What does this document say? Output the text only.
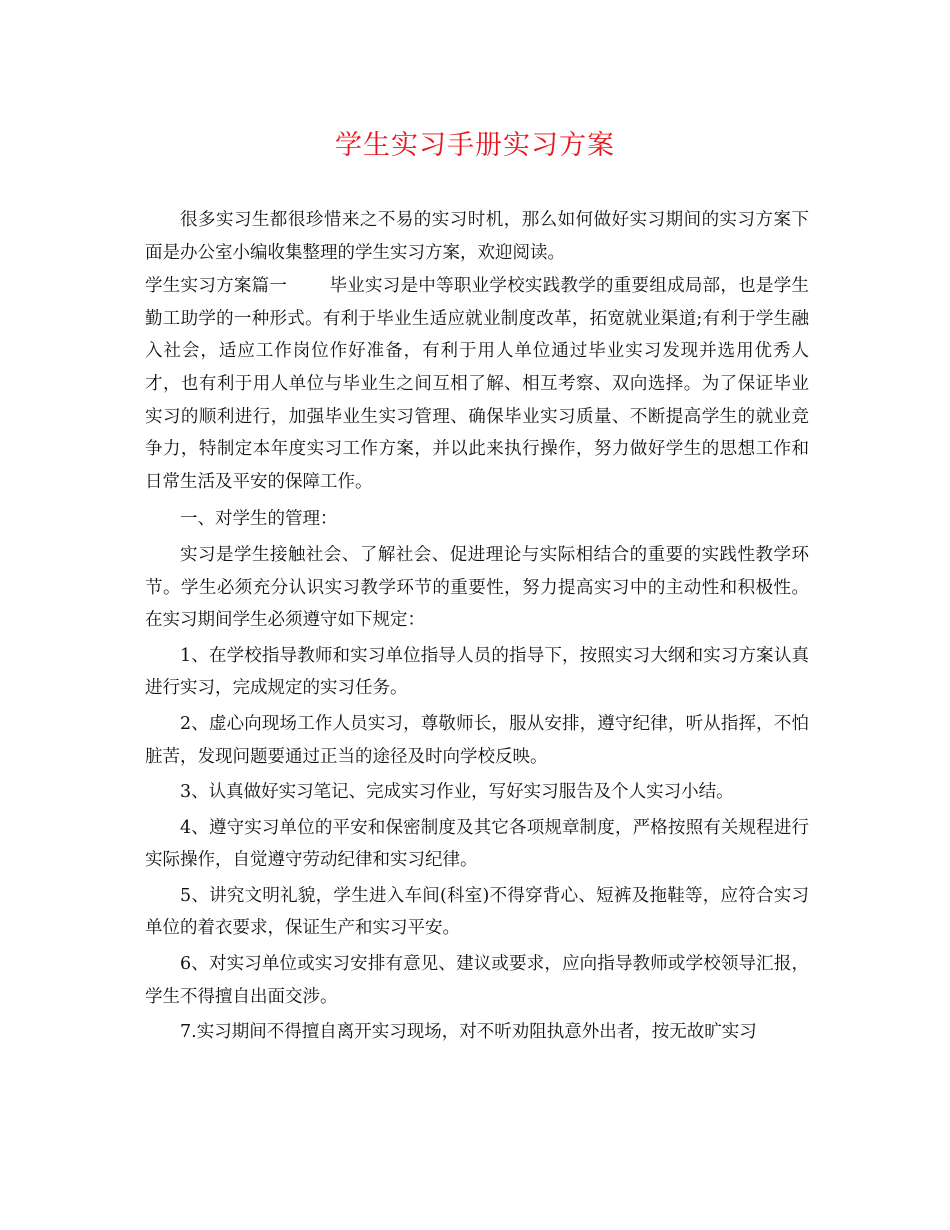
学生实习手册实习方案

很多实习生都很珍惜来之不易的实习时机，那么如何做好实习期间的实习方案下面是办公室小编收集整理的学生实习方案，欢迎阅读。

学生实习方案篇一 毕业实习是中等职业学校实践教学的重要组成局部，也是学生勤工助学的一种形式。有利于毕业生适应就业制度改革，拓宽就业渠道;有利于学生融入社会，适应工作岗位作好准备，有利于用人单位通过毕业实习发现并选用优秀人才，也有利于用人单位与毕业生之间互相了解、相互考察、双向选择。为了保证毕业实习的顺利进行，加强毕业生实习管理、确保毕业实习质量、不断提高学生的就业竞争力，特制定本年度实习工作方案，并以此来执行操作，努力做好学生的思想工作和日常生活及平安的保障工作。

一、对学生的管理：

实习是学生接触社会、了解社会、促进理论与实际相结合的重要的实践性教学环节。学生必须充分认识实习教学环节的重要性，努力提高实习中的主动性和积极性。在实习期间学生必须遵守如下规定：

1、在学校指导教师和实习单位指导人员的指导下，按照实习大纲和实习方案认真进行实习，完成规定的实习任务。

2、虚心向现场工作人员实习，尊敬师长，服从安排，遵守纪律，听从指挥，不怕脏苦，发现问题要通过正当的途径及时向学校反映。

3、认真做好实习笔记、完成实习作业，写好实习服告及个人实习小结。

4、遵守实习单位的平安和保密制度及其它各项规章制度，严格按照有关规程进行实际操作，自觉遵守劳动纪律和实习纪律。

5、讲究文明礼貌，学生进入车间(科室)不得穿背心、短裤及拖鞋等，应符合实习单位的着衣要求，保证生产和实习平安。

6、对实习单位或实习安排有意见、建议或要求，应向指导教师或学校领导汇报，学生不得擅自出面交涉。

7.实习期间不得擅自离开实习现场，对不听劝阻执意外出者，按无故旷实习
